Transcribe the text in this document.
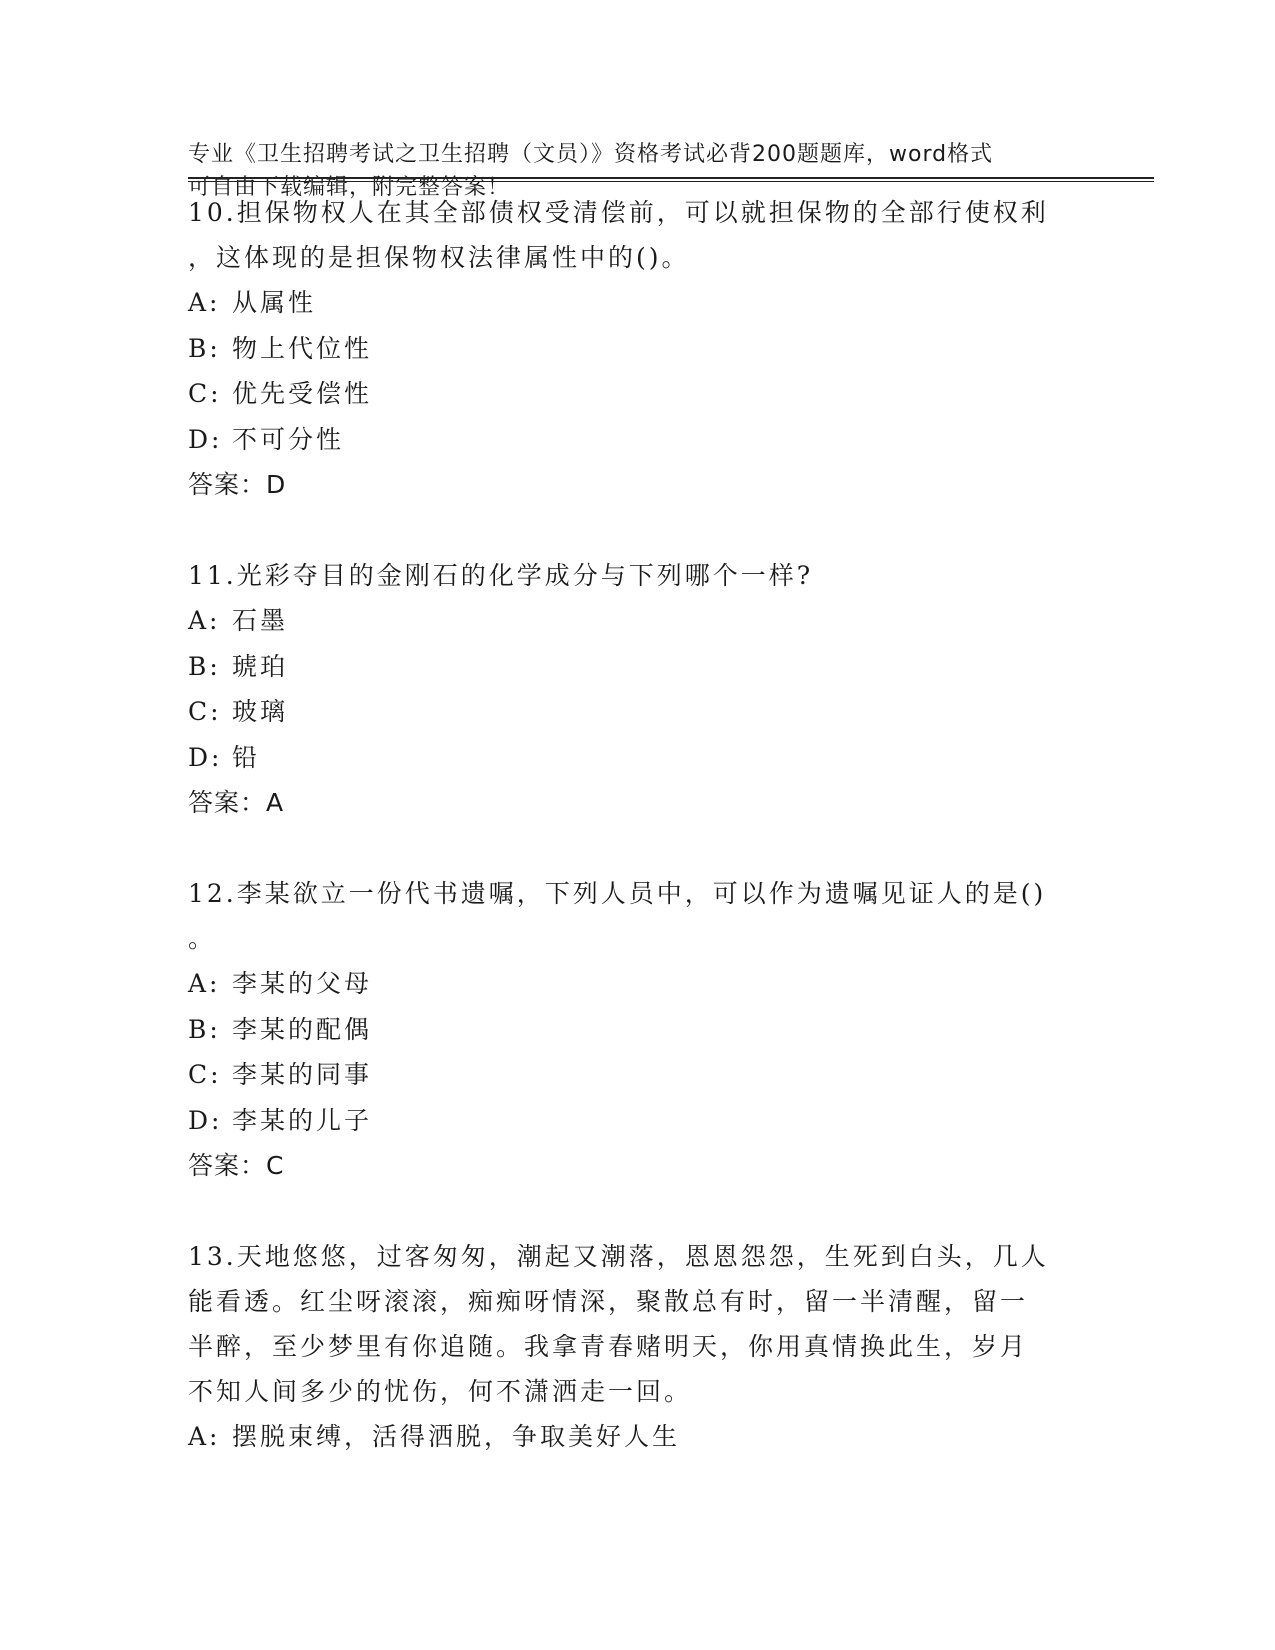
专业《卫生招聘考试之卫生招聘（文员）》资格考试必背200题题库，word格式
可自由下载编辑，附完整答案！

10.担保物权人在其全部债权受清偿前，可以就担保物的全部行使权利
，这体现的是担保物权法律属性中的()。

A: 从属性

B: 物上代位性

C: 优先受偿性

D: 不可分性

答案：D

11.光彩夺目的金刚石的化学成分与下列哪个一样?

A: 石墨

B: 琥珀

C: 玻璃

D: 铅

答案：A

12.李某欲立一份代书遗嘱，下列人员中，可以作为遗嘱见证人的是()
。

A: 李某的父母

B: 李某的配偶

C: 李某的同事

D: 李某的儿子

答案：C

13.天地悠悠，过客匆匆，潮起又潮落，恩恩怨怨，生死到白头，几人
能看透。红尘呀滚滚，痴痴呀情深，聚散总有时，留一半清醒，留一
半醉，至少梦里有你追随。我拿青春赌明天，你用真情换此生，岁月
不知人间多少的忧伤，何不潇洒走一回。

A: 摆脱束缚，活得洒脱，争取美好人生
